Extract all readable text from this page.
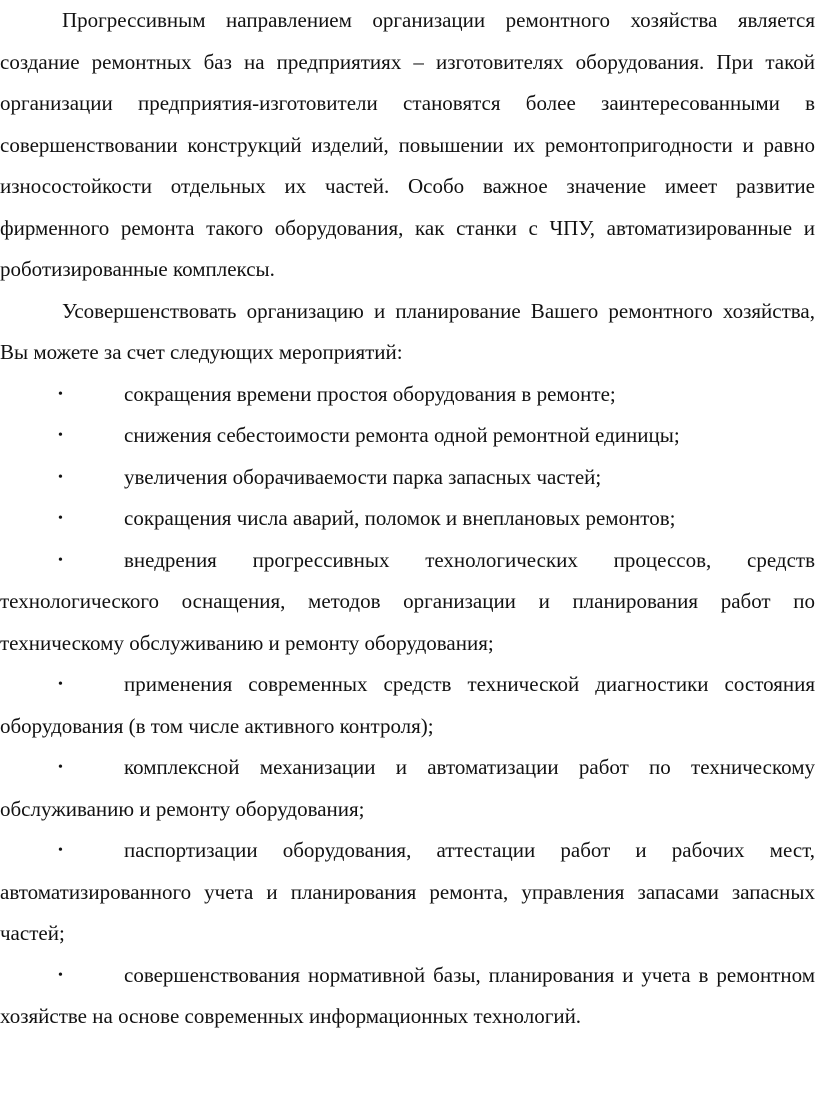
Прогрессивным направлением организации ремонтного хозяйства является создание ремонтных баз на предприятиях – изготовителях оборудования. При такой организации предприятия-изготовители становятся более заинтересованными в совершенствовании конструкций изделий, повышении их ремонтопригодности и равно износостойкости отдельных их частей. Особо важное значение имеет развитие фирменного ремонта такого оборудования, как станки с ЧПУ, автоматизированные и роботизированные комплексы.

Усовершенствовать организацию и планирование Вашего ремонтного хозяйства, Вы можете за счет следующих мероприятий:

•	сокращения времени простоя оборудования в ремонте;
•	снижения себестоимости ремонта одной ремонтной единицы;
•	увеличения оборачиваемости парка запасных частей;
•	сокращения числа аварий, поломок и внеплановых ремонтов;
•	внедрения прогрессивных технологических процессов, средств технологического оснащения, методов организации и планирования работ по техническому обслуживанию и ремонту оборудования;
•	применения современных средств технической диагностики состояния оборудования (в том числе активного контроля);
•	комплексной механизации и автоматизации работ по техническому обслуживанию и ремонту оборудования;
•	паспортизации оборудования, аттестации работ и рабочих мест, автоматизированного учета и планирования ремонта, управления запасами запасных частей;
•	совершенствования нормативной базы, планирования и учета в ремонтном хозяйстве на основе современных информационных технологий.
